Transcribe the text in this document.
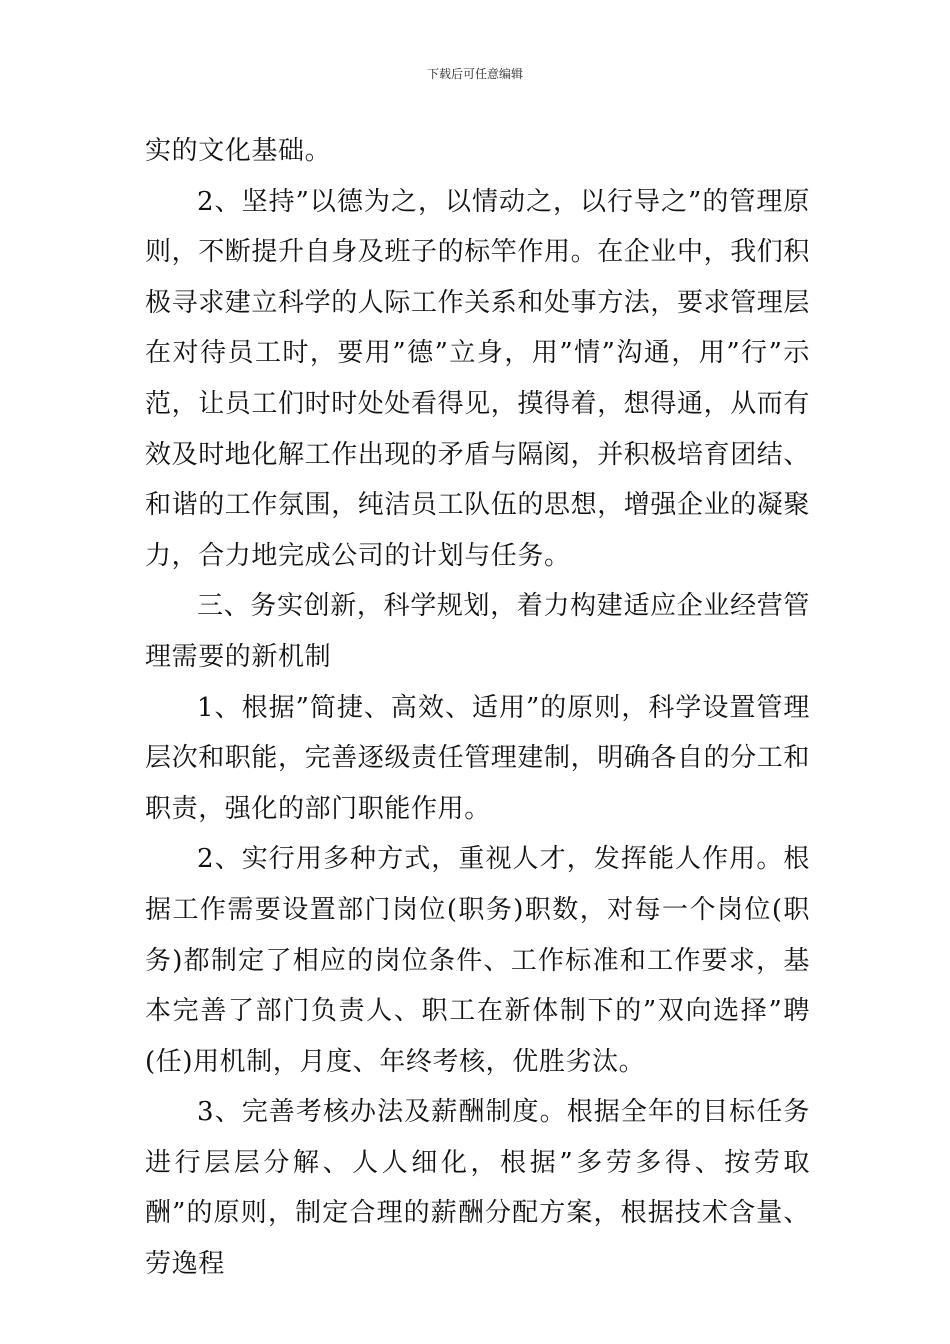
下载后可任意编辑

实的文化基础。

2、坚持”以德为之，以情动之，以行导之”的管理原则，不断提升自身及班子的标竿作用。在企业中，我们积极寻求建立科学的人际工作关系和处事方法，要求管理层在对待员工时，要用”德”立身，用”情”沟通，用”行”示范，让员工们时时处处看得见，摸得着，想得通，从而有效及时地化解工作出现的矛盾与隔阂，并积极培育团结、和谐的工作氛围，纯洁员工队伍的思想，增强企业的凝聚力，合力地完成公司的计划与任务。

三、务实创新，科学规划，着力构建适应企业经营管理需要的新机制

1、根据”简捷、高效、适用”的原则，科学设置管理层次和职能，完善逐级责任管理建制，明确各自的分工和职责，强化的部门职能作用。

2、实行用多种方式，重视人才，发挥能人作用。根据工作需要设置部门岗位(职务)职数，对每一个岗位(职务)都制定了相应的岗位条件、工作标准和工作要求，基本完善了部门负责人、职工在新体制下的”双向选择”聘(任)用机制，月度、年终考核，优胜劣汰。

3、完善考核办法及薪酬制度。根据全年的目标任务进行层层分解、人人细化，根据”多劳多得、按劳取酬”的原则，制定合理的薪酬分配方案，根据技术含量、劳逸程
